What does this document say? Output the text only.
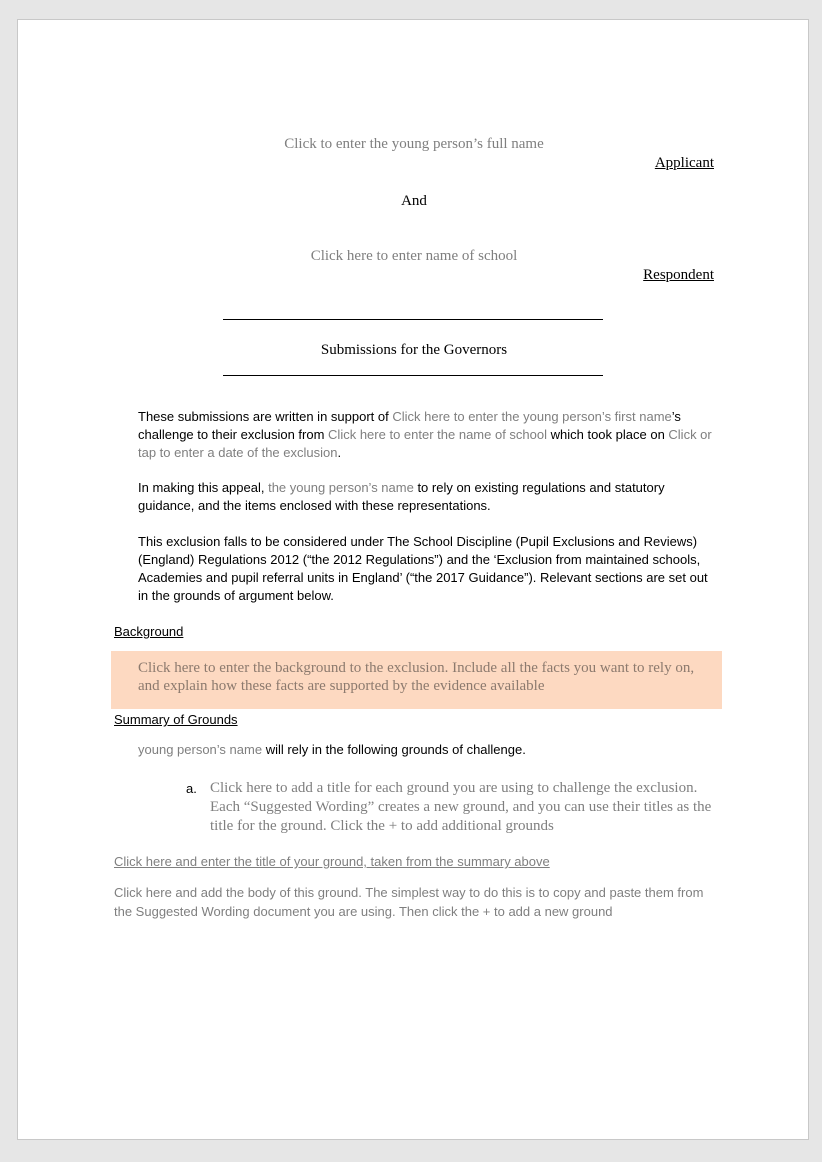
Click to enter the young person’s full name
Applicant
And
Click here to enter name of school
Respondent
Submissions for the Governors
These submissions are written in support of Click here to enter the young person’s first name’s challenge to their exclusion from Click here to enter the name of school which took place on Click or tap to enter a date of the exclusion.
In making this appeal, the young person’s name to rely on existing regulations and statutory guidance, and the items enclosed with these representations.
This exclusion falls to be considered under The School Discipline (Pupil Exclusions and Reviews) (England) Regulations 2012 (“the 2012 Regulations”) and the ‘Exclusion from maintained schools, Academies and pupil referral units in England’ (“the 2017 Guidance”). Relevant sections are set out in the grounds of argument below.
Background
Click here to enter the background to the exclusion. Include all the facts you want to rely on, and explain how these facts are supported by the evidence available
Summary of Grounds
young person’s name will rely in the following grounds of challenge.
a. Click here to add a title for each ground you are using to challenge the exclusion. Each “Suggested Wording” creates a new ground, and you can use their titles as the title for the ground. Click the + to add additional grounds
Click here and enter the title of your ground, taken from the summary above
Click here and add the body of this ground. The simplest way to do this is to copy and paste them from the Suggested Wording document you are using. Then click the + to add a new ground
